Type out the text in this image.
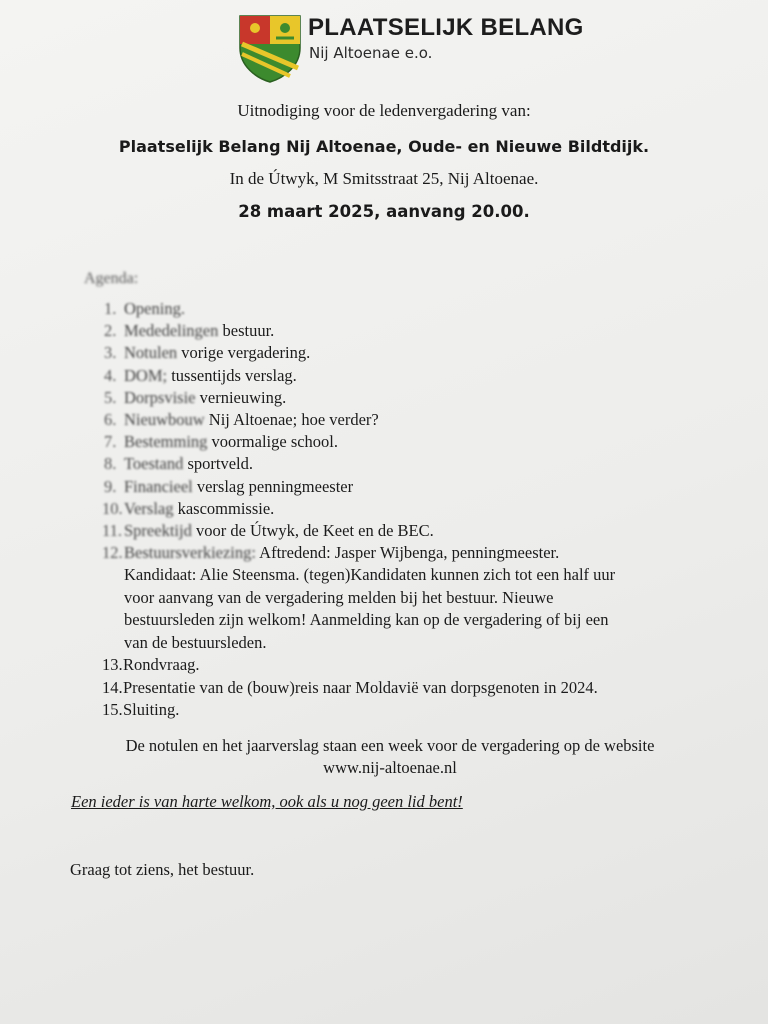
PLAATSELIJK BELANG
Nij Altoenae e.o.
Uitnodiging voor de ledenvergadering van:
Plaatselijk Belang Nij Altoenae, Oude- en Nieuwe Bildtdijk.
In de Útwyk, M Smitsstraat 25, Nij Altoenae.
28 maart 2025, aanvang 20.00.
Agenda:
1. Opening.
2. Mededelingen bestuur.
3. Notulen vorige vergadering.
4. DOM; tussentijds verslag.
5. Dorpsvisie vernieuwing.
6. Nieuwbouw Nij Altoenae; hoe verder?
7. Bestemming voormalige school.
8. Toestand sportveld.
9. Financieel verslag penningmeester
10. Verslag kascommissie.
11. Spreektijd voor de Útwyk, de Keet en de BEC.
12. Bestuursverkiezing: Aftredend: Jasper Wijbenga, penningmeester.
Kandidaat: Alie Steensma. (tegen)Kandidaten kunnen zich tot een half uur
voor aanvang van de vergadering melden bij het bestuur. Nieuwe
bestuursleden zijn welkom! Aanmelding kan op de vergadering of bij een
van de bestuursleden.
13. Rondvraag.
14. Presentatie van de (bouw)reis naar Moldavië van dorpsgenoten in 2024.
15. Sluiting.
De notulen en het jaarverslag staan een week voor de vergadering op de website
www.nij-altoenae.nl
Een ieder is van harte welkom, ook als u nog geen lid bent!
Graag tot ziens, het bestuur.
